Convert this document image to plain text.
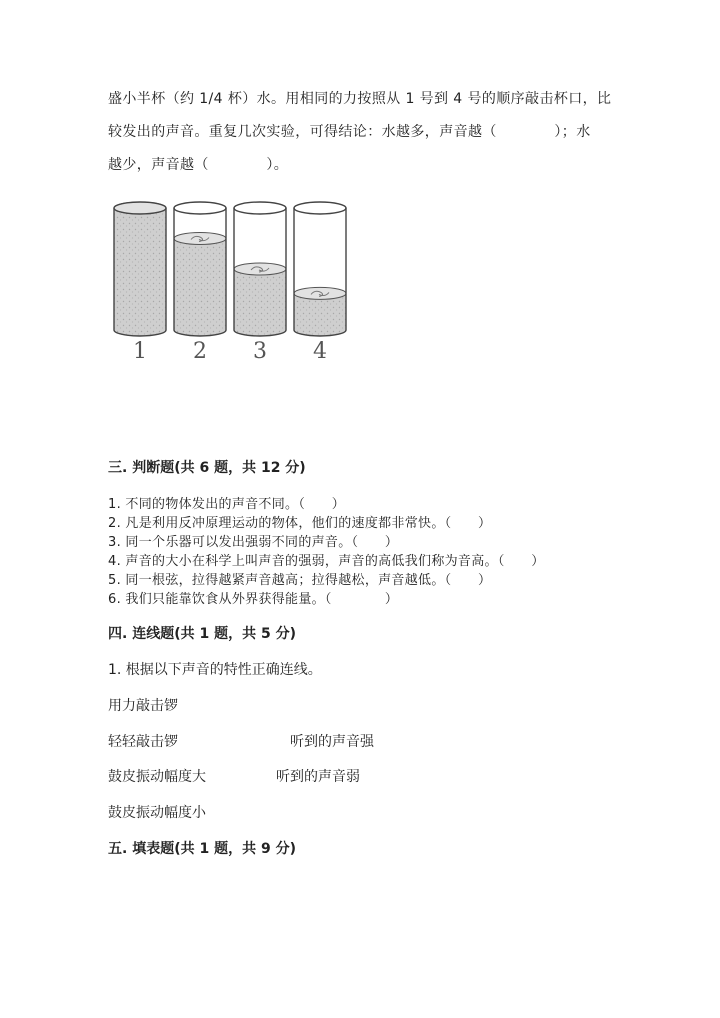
盛小半杯（约 1/4 杯）水。用相同的力按照从 1 号到 4 号的顺序敲击杯口，比
较发出的声音。重复几次实验，可得结论：水越多，声音越（　　　　）；水
越少，声音越（　　　　）。
1 2 3 4
三. 判断题(共 6 题，共 12 分)
1. 不同的物体发出的声音不同。（　　）
2. 凡是利用反冲原理运动的物体，他们的速度都非常快。（　　）
3. 同一个乐器可以发出强弱不同的声音。（　　）
4. 声音的大小在科学上叫声音的强弱，声音的高低我们称为音高。（　　）
5. 同一根弦，拉得越紧声音越高；拉得越松，声音越低。（　　）
6. 我们只能靠饮食从外界获得能量。（　　　　）
四. 连线题(共 1 题，共 5 分)
1. 根据以下声音的特性正确连线。
用力敲击锣
轻轻敲击锣	听到的声音强
鼓皮振动幅度大	听到的声音弱
鼓皮振动幅度小
五. 填表题(共 1 题，共 9 分)
